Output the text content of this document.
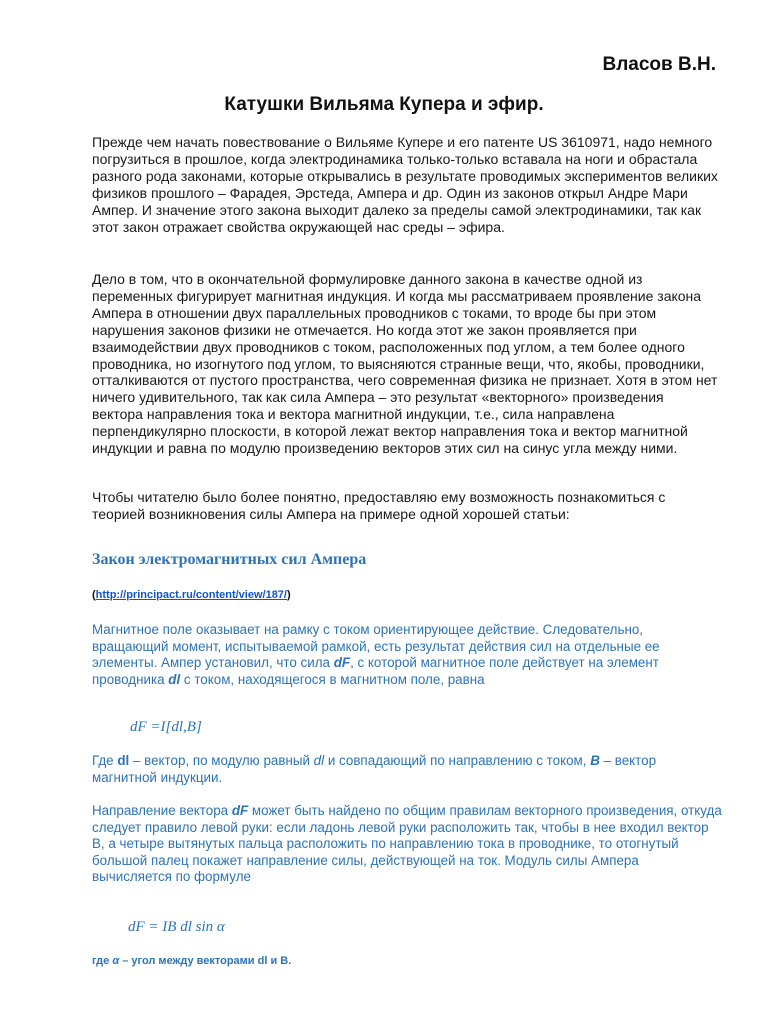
Власов В.Н.
Катушки Вильяма Купера и эфир.

Прежде чем начать повествование о Вильяме Купере и его патенте US 3610971, надо немного погрузиться в прошлое, когда электродинамика только-только вставала на ноги и обрастала разного рода законами, которые открывались в результате проводимых экспериментов великих физиков прошлого – Фарадея, Эрстеда, Ампера и др. Один из законов открыл Андре Мари Ампер. И значение этого закона выходит далеко за пределы самой электродинамики, так как этот закон отражает свойства окружающей нас среды – эфира.

Дело в том, что в окончательной формулировке данного закона в качестве одной из переменных фигурирует магнитная индукция. И когда мы рассматриваем проявление закона Ампера в отношении двух параллельных проводников с токами, то вроде бы при этом нарушения законов физики не отмечается. Но когда этот же закон проявляется при взаимодействии двух проводников с током, расположенных под углом, а тем более одного проводника, но изогнутого под углом, то выясняются странные вещи, что, якобы, проводники, отталкиваются от пустого пространства, чего современная физика не признает. Хотя в этом нет ничего удивительного, так как сила Ампера – это результат «векторного» произведения вектора направления тока и вектора магнитной индукции, т.е., сила направлена перпендикулярно плоскости, в которой лежат вектор направления тока и вектор магнитной индукции и равна по модулю произведению векторов этих сил на синус угла между ними.

Чтобы читателю было более понятно, предоставляю ему возможность познакомиться с теорией возникновения силы Ампера на примере одной хорошей статьи:

Закон электромагнитных сил Ампера
(http://principact.ru/content/view/187/)

Магнитное поле оказывает на рамку с током ориентирующее действие. Следовательно, вращающий момент, испытываемой рамкой, есть результат действия сил на отдельные ее элементы. Ампер установил, что сила dF, с которой магнитное поле действует на элемент проводника dl с током, находящегося в магнитном поле, равна

dF =I[dl,B]

Где dl – вектор, по модулю равный dl и совпадающий по направлению с током, B – вектор магнитной индукции.

Направление вектора dF может быть найдено по общим правилам векторного произведения, откуда следует правило левой руки: если ладонь левой руки расположить так, чтобы в нее входил вектор В, а четыре вытянутых пальца расположить по направлению тока в проводнике, то отогнутый большой палец покажет направление силы, действующей на ток. Модуль силы Ампера вычисляется по формуле

dF = IB dl sin α
где α – угол между векторами dl и B.
